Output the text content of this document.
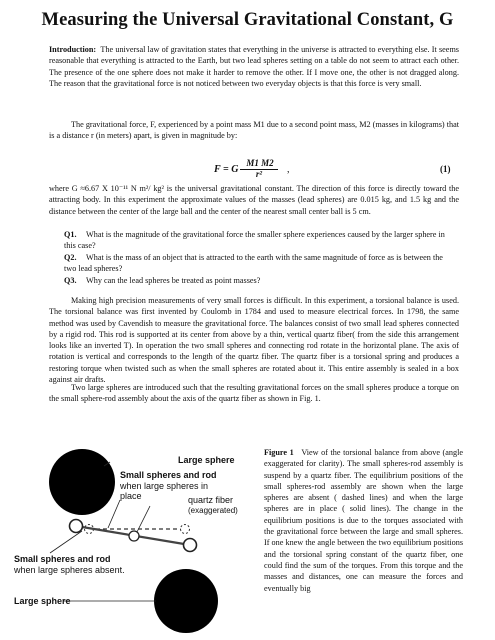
Measuring the Universal Gravitational Constant, G

Introduction: The universal law of gravitation states that everything in the universe is attracted to everything else. It seems reasonable that everything is attracted to the Earth, but two lead spheres setting on a table do not seem to attract each other. The presence of the one sphere does not make it harder to remove the other. If I move one, the other is not dragged along. The reason that the gravitational force is not noticed between two everyday objects is that this force is very small.

The gravitational force, F, experienced by a point mass M1 due to a second point mass, M2 (masses in kilograms) that is a distance r (in meters) apart, is given in magnitude by:

F = G
M1 M2
r²	,	(1)

where G ≈6.67 X 10⁻¹¹ N m²/ kg² is the universal gravitational constant. The direction of this force is directly toward the attracting body. In this experiment the approximate values of the masses (lead spheres) are 0.015 kg, and 1.5 kg and the distance between the center of the large ball and the center of the nearest small center ball is 5 cm.

Q1. What is the magnitude of the gravitational force the smaller sphere experiences caused by the larger sphere in this case?

Q2. What is the mass of an object that is attracted to the earth with the same magnitude of force as is between the two lead spheres?

Q3. Why can the lead spheres be treated as point masses?

Making high precision measurements of very small forces is difficult. In this experiment, a torsional balance is used. The torsional balance was first invented by Coulomb in 1784 and used to measure electrical forces. In 1798, the same method was used by Cavendish to measure the gravitational force. The balances consist of two small lead spheres connected by a rigid rod. This rod is supported at its center from above by a thin, vertical quartz fiber( from the side this arrangement looks like an inverted T). In operation the two small spheres and connecting rod rotate in the horizontal plane. The axis of rotation is vertical and corresponds to the length of the quartz fiber. The quartz fiber is a torsional spring and produces a restoring torque when twisted such as when the small spheres are rotated about it. This entire assembly is sealed in a box against air drafts.

Two large spheres are introduced such that the resulting gravitational forces on the small spheres produce a torque on the small sphere-rod assembly about the axis of the quartz fiber as shown in Fig. 1.

Large sphere
Small spheres and rod
when large spheres in place	quartz fiber
(exaggerated)
Small spheres and rod
when large spheres absent.
Large sphere

Figure 1 View of the torsional balance from above (angle exaggerated for clarity). The small spheres-rod assembly is suspend by a quartz fiber. The equilibrium positions of the small spheres-rod assembly are shown when the large spheres are absent ( dashed lines) and when the large spheres are in place ( solid lines). The change in the equilibrium positions is due to the torques associated with the gravitational force between the large and small spheres. If one knew the angle between the two equilibrium positions and the torsional spring constant of the quartz fiber, one could find the sum of the torques. From this torque and the masses and distances, one can measure the forces and eventually big
